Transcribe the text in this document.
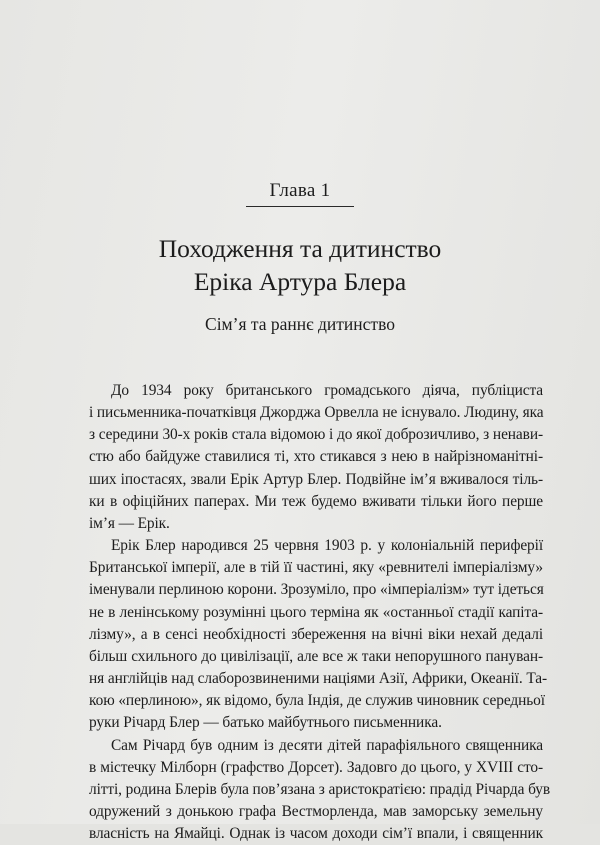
Глава 1
Походження та дитинство
Еріка Артура Блера
Сім’я та раннє дитинство

До 1934 року британського громадського діяча, публіциста
і письменника-початківця Джорджа Орвелла не існувало. Людину, яка
з середини 30-х років стала відомою і до якої доброзичливо, з ненави-
стю або байдуже ставилися ті, хто стикався з нею в найрізноманітні-
ших іпостасях, звали Ерік Артур Блер. Подвійне ім’я вживалося тіль-
ки в офіційних паперах. Ми теж будемо вживати тільки його перше
ім’я — Ерік.

Ерік Блер народився 25 червня 1903 р. у колоніальній периферії
Британської імперії, але в тій її частині, яку «ревнителі імперіалізму»
іменували перлиною корони. Зрозуміло, про «імперіалізм» тут ідеться
не в ленінському розумінні цього терміна як «останньої стадії капіта-
лізму», а в сенсі необхідності збереження на вічні віки нехай дедалі
більш схильного до цивілізації, але все ж таки непорушного пануван-
ня англійців над слаборозвиненими націями Азії, Африки, Океанії. Та-
кою «перлиною», як відомо, була Індія, де служив чиновник середньої
руки Річард Блер — батько майбутнього письменника.

Сам Річард був одним із десяти дітей парафіяльного священника
в містечку Мілборн (графство Дорсет). Задовго до цього, у XVIII сто-
літті, родина Блерів була пов’язана з аристократією: прадід Річарда був
одружений з донькою графа Вестморленда, мав заморську земельну
власність на Ямайці. Однак із часом доходи сім’ї впали, і священник
